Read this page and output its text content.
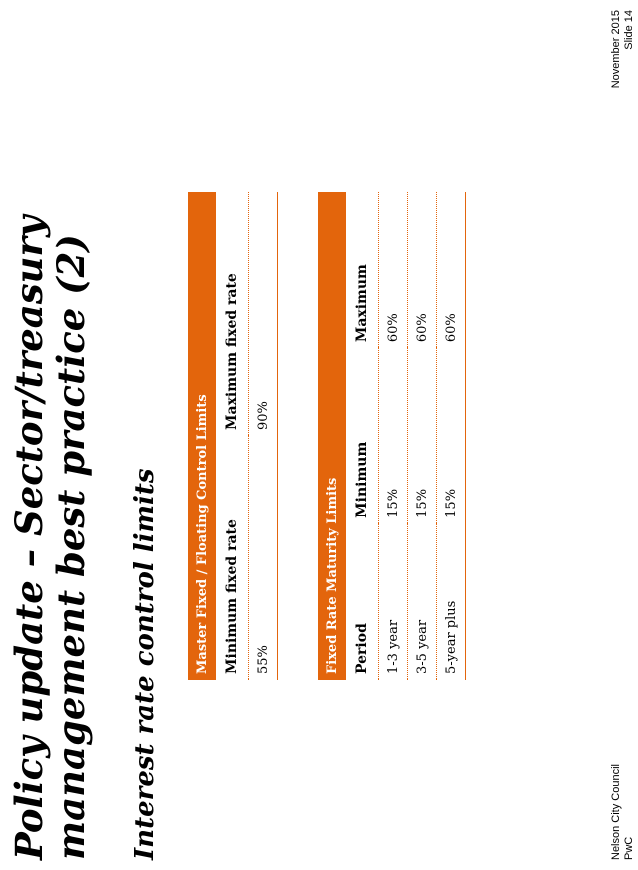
Policy update – Sector/treasury management best practice (2) Interest rate control limits	Master Fixed / Floating Control Limits	
Minimum fixed rate	Maximum fixed rate
55%	90%
Fixed Rate Maturity Limits		
Period	Minimum	Maximum
1-3 year	15%	60%
3-5 year	15%	60%
5-year plus	15%	60%
Nelson City Council PwC
November 2015 Slide 14
